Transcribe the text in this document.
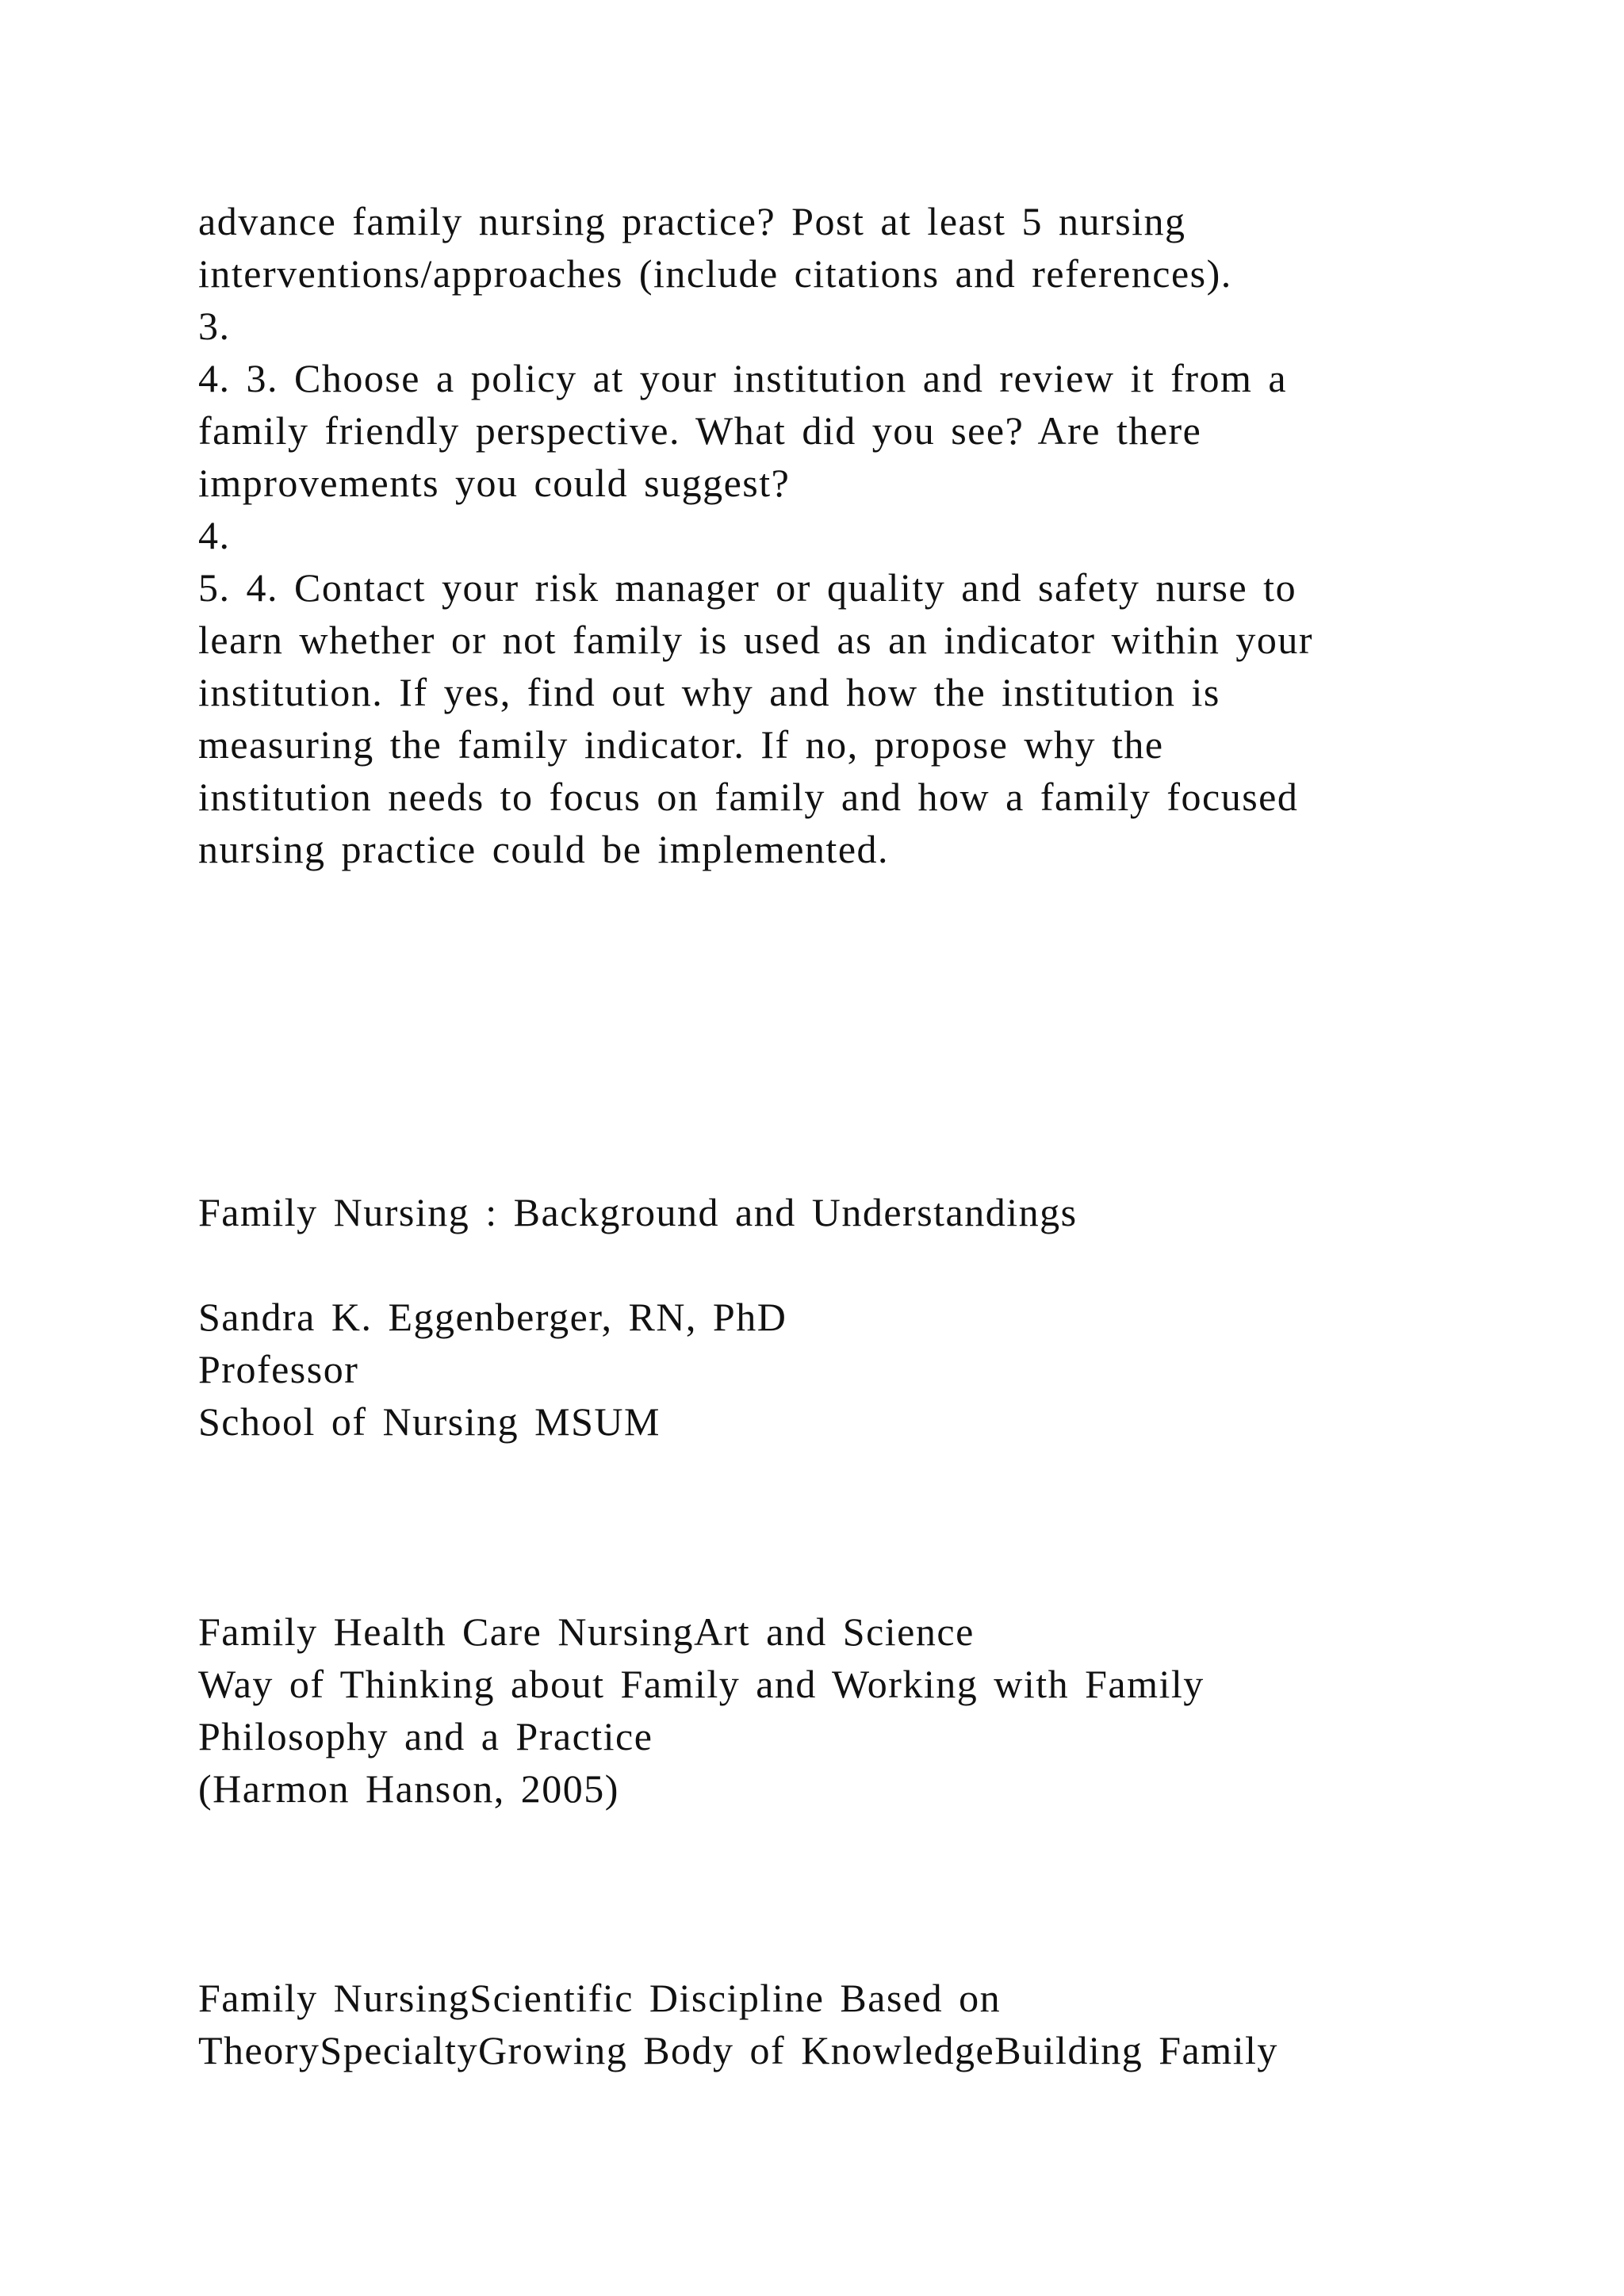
advance family nursing practice? Post at least 5 nursing
interventions/approaches (include citations and references).
3.
4. 3. Choose a policy at your institution and review it from a
family friendly perspective. What did you see? Are there
improvements you could suggest?
4.
5. 4. Contact your risk manager or quality and safety nurse to
learn whether or not family is used as an indicator within your
institution. If yes, find out why and how the institution is
measuring the family indicator. If no, propose why the
institution needs to focus on family and how a family focused
nursing practice could be implemented.
Family Nursing : Background and Understandings
Sandra K. Eggenberger, RN, PhD
Professor
School of Nursing MSUM
Family Health Care NursingArt and Science
Way of Thinking about Family and Working with Family
Philosophy and a Practice
(Harmon Hanson, 2005)
Family NursingScientific Discipline Based on
TheorySpecialtyGrowing Body of KnowledgeBuilding Family
